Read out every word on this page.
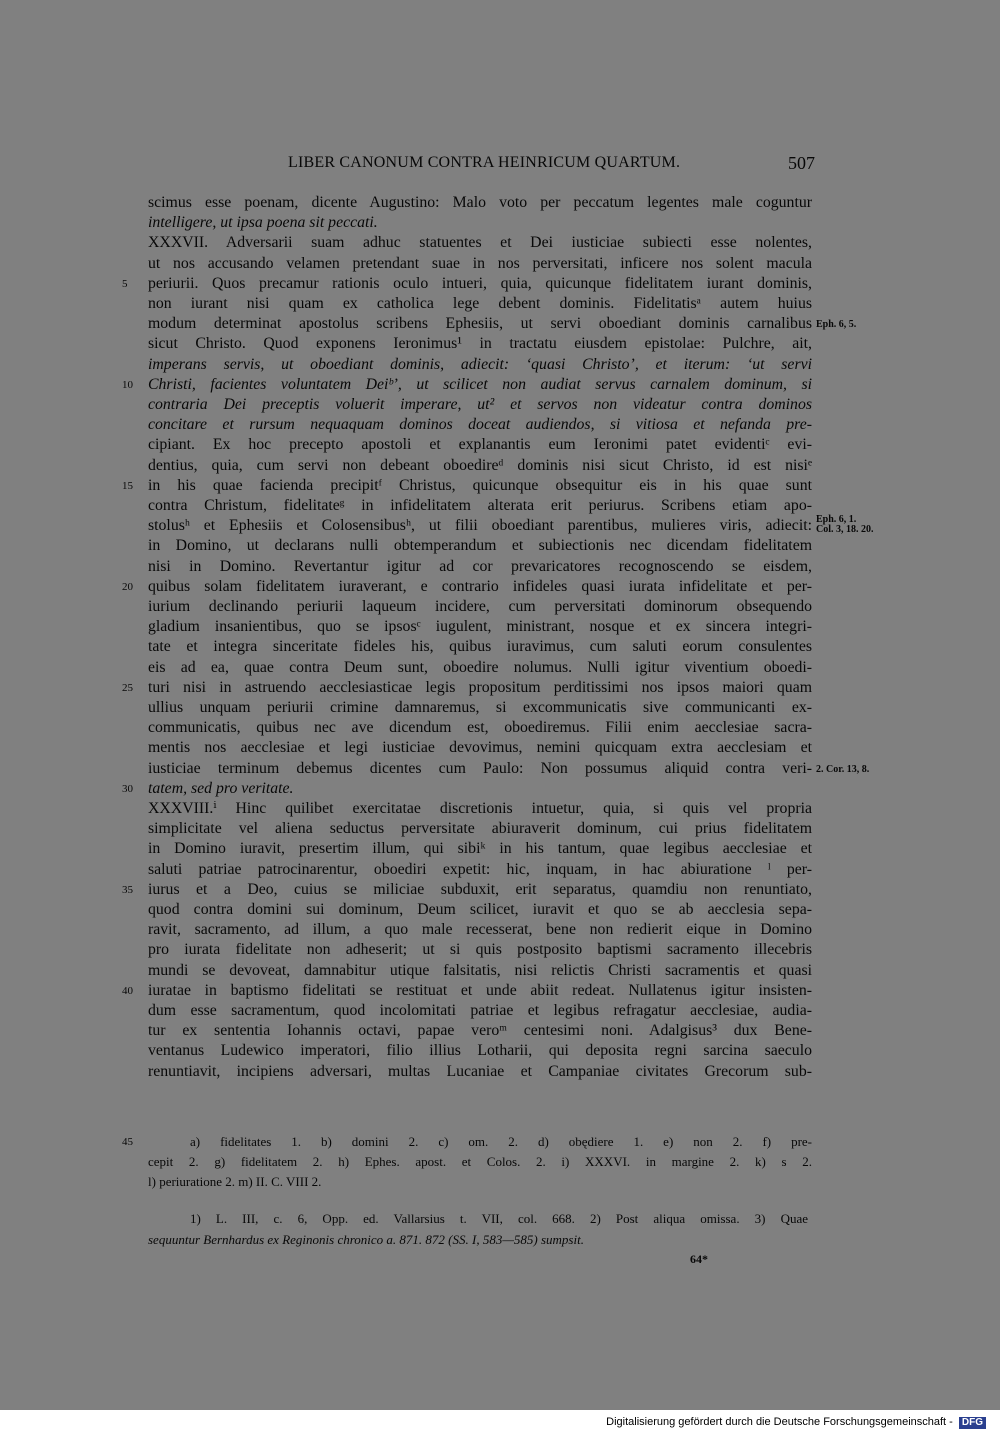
LIBER CANONUM CONTRA HEINRICUM QUARTUM.	507
scimus esse poenam, dicente Augustino: Malo voto per peccatum legentes male coguntur
intelligere, ut ipsa poena sit peccati.
XXXVII. Adversarii suam adhuc statuentes et Dei iusticiae subiecti esse nolentes,
ut nos accusando velamen pretendant suae in nos perversitati, inficere nos solent macula
periurii. Quos precamur rationis oculo intueri, quia, quicunque fidelitatem iurant dominis,
non iurant nisi quam ex catholica lege debent dominis. Fidelitatisᵃ autem huius
modum determinat apostolus scribens Ephesiis, ut servi oboediant dominis carnalibus
sicut Christo. Quod exponens Ieronimus¹ in tractatu eiusdem epistolae: Pulchre, ait,
imperans servis, ut oboediant dominis, adiecit: ‘quasi Christo’, et iterum: ‘ut servi
Christi, facientes voluntatem Deiᵇ’, ut scilicet non audiat servus carnalem dominum, si
contraria Dei preceptis voluerit imperare, ut² et servos non videatur contra dominos
concitare et rursum nequaquam dominos doceat audiendos, si vitiosa et nefanda pre-
cipiant. Ex hoc precepto apostoli et explanantis eum Ieronimi patet evidentiᶜ evi-
dentius, quia, cum servi non debeant oboedireᵈ dominis nisi sicut Christo, id est nisiᵉ
in his quae facienda precipitᶠ Christus, quicunque obsequitur eis in his quae sunt
contra Christum, fidelitateᵍ in infidelitatem alterata erit periurus. Scribens etiam apo-
stolusʰ et Ephesiis et Colosensibusʰ, ut filii oboediant parentibus, mulieres viris, adiecit:
in Domino, ut declarans nulli obtemperandum et subiectionis nec dicendam fidelitatem
nisi in Domino. Revertantur igitur ad cor prevaricatores recognoscendo se eisdem,
quibus solam fidelitatem iuraverant, e contrario infideles quasi iurata infidelitate et per-
iurium declinando periurii laqueum incidere, cum perversitati dominorum obsequendo
gladium insanientibus, quo se ipsosᶜ iugulent, ministrant, nosque et ex sincera integri-
tate et integra sinceritate fideles his, quibus iuravimus, cum saluti eorum consulentes
eis ad ea, quae contra Deum sunt, oboedire nolumus. Nulli igitur viventium oboedi-
turi nisi in astruendo aecclesiasticae legis propositum perditissimi nos ipsos maiori quam
ullius unquam periurii crimine damnaremus, si excommunicatis sive communicanti ex-
communicatis, quibus nec ave dicendum est, oboediremus. Filii enim aecclesiae sacra-
mentis nos aecclesiae et legi iusticiae devovimus, nemini quicquam extra aecclesiam et
iusticiae terminum debemus dicentes cum Paulo: Non possumus aliquid contra veri-
tatem, sed pro veritate.
XXXVIII.ⁱ Hinc quilibet exercitatae discretionis intuetur, quia, si quis vel propria
simplicitate vel aliena seductus perversitate abiuraverit dominum, cui prius fidelitatem
in Domino iuravit, presertim illum, qui sibiᵏ in his tantum, quae legibus aecclesiae et
saluti patriae patrocinarentur, oboediri expetit: hic, inquam, in hac abiuratione ˡ per-
iurus et a Deo, cuius se miliciae subduxit, erit separatus, quamdiu non renuntiato,
quod contra domini sui dominum, Deum scilicet, iuravit et quo se ab aecclesia sepa-
ravit, sacramento, ad illum, a quo male recesserat, bene non redierit eique in Domino
pro iurata fidelitate non adheserit; ut si quis postposito baptismi sacramento illecebris
mundi se devoveat, damnabitur utique falsitatis, nisi relictis Christi sacramentis et quasi
iuratae in baptismo fidelitati se restituat et unde abiit redeat. Nullatenus igitur insisten-
dum esse sacramentum, quod incolomitati patriae et legibus refragatur aecclesiae, audia-
tur ex sententia Iohannis octavi, papae veroᵐ centesimi noni. Adalgisus³ dux Bene-
ventanus Ludewico imperatori, filio illius Lotharii, qui deposita regni sarcina saeculo
renuntiavit, incipiens adversari, multas Lucaniae et Campaniae civitates Grecorum sub-
5
10
15
20
25
30
35
40
Eph. 6, 5.
Eph. 6, 1.
Col. 3, 18. 20.
2. Cor. 13, 8.
45	a) fidelitates 1. b) domini 2. c) om. 2. d) obędiere 1. e) non 2. f) pre-
cepit 2. g) fidelitatem 2. h) Ephes. apost. et Colos. 2. i) XXXVI. in margine 2. k) s 2.
l) periuratione 2. m) II. C. VIII 2.
1) L. III, c. 6, Opp. ed. Vallarsius t. VII, col. 668. 2) Post aliqua omissa. 3) Quae
sequuntur Bernhardus ex Reginonis chronico a. 871. 872 (SS. I, 583—585) sumpsit.
64*
Digitalisierung gefördert durch die Deutsche Forschungsgemeinschaft - DFG
